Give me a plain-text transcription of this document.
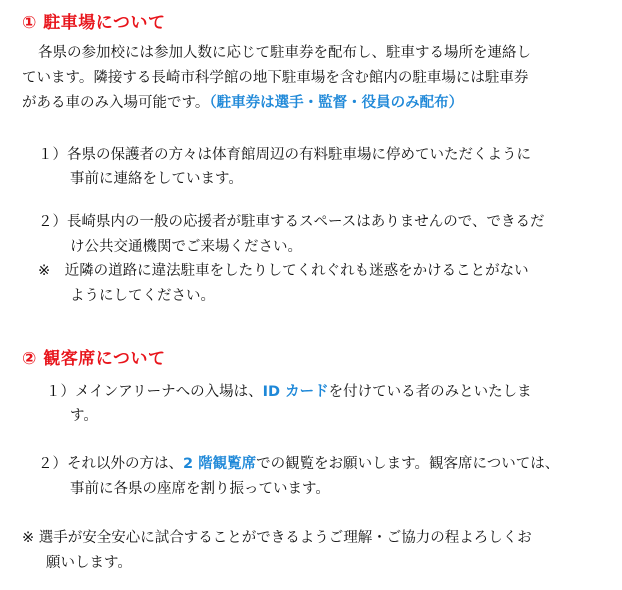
① 駐車場について
各県の参加校には参加人数に応じて駐車券を配布し、駐車する場所を連絡し
ています。隣接する長崎市科学館の地下駐車場を含む館内の駐車場には駐車券
がある車のみ入場可能です。（駐車券は選手・監督・役員のみ配布）
１）各県の保護者の方々は体育館周辺の有料駐車場に停めていただくように
事前に連絡をしています。
２）長崎県内の一般の応援者が駐車するスペースはありませんので、できるだ
け公共交通機関でご来場ください。
※　近隣の道路に違法駐車をしたりしてくれぐれも迷惑をかけることがない
ようにしてください。
② 観客席について
１）メインアリーナへの入場は、ID カードを付けている者のみといたしま
す。
２）それ以外の方は、2 階観覧席での観覧をお願いします。観客席については、
事前に各県の座席を割り振っています。
※ 選手が安全安心に試合することができるようご理解・ご協力の程よろしくお
願いします。
